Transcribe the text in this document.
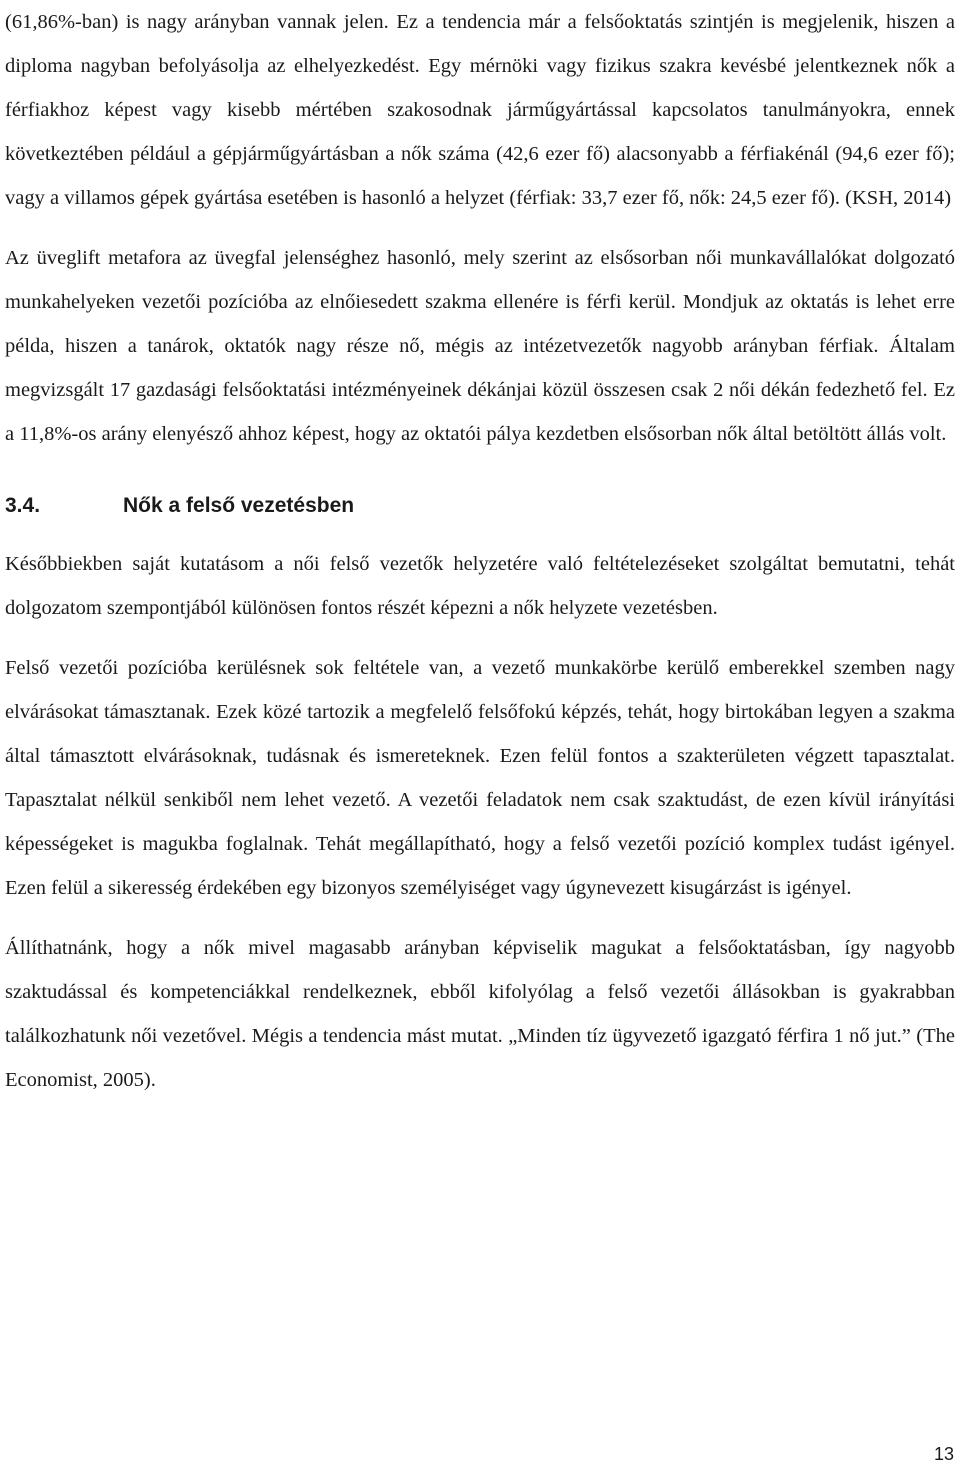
(61,86%-ban) is nagy arányban vannak jelen. Ez a tendencia már a felsőoktatás szintjén is megjelenik, hiszen a diploma nagyban befolyásolja az elhelyezkedést. Egy mérnöki vagy fizikus szakra kevésbé jelentkeznek nők a férfiakhoz képest vagy kisebb mértében szakosodnak járműgyártással kapcsolatos tanulmányokra, ennek következtében például a gépjárműgyártásban a nők száma (42,6 ezer fő) alacsonyabb a férfiakénál (94,6 ezer fő); vagy a villamos gépek gyártása esetében is hasonló a helyzet (férfiak: 33,7 ezer fő, nők: 24,5 ezer fő). (KSH, 2014)

Az üveglift metafora az üvegfal jelenséghez hasonló, mely szerint az elsősorban női munkavállalókat dolgozató munkahelyeken vezetői pozícióba az elnőiesedett szakma ellenére is férfi kerül. Mondjuk az oktatás is lehet erre példa, hiszen a tanárok, oktatók nagy része nő, mégis az intézetvezetők nagyobb arányban férfiak. Általam megvizsgált 17 gazdasági felsőoktatási intézményeinek dékánjai közül összesen csak 2 női dékán fedezhető fel. Ez a 11,8%-os arány elenyésző ahhoz képest, hogy az oktatói pálya kezdetben elsősorban nők által betöltött állás volt.

3.4.	Nők a felső vezetésben

Későbbiekben saját kutatásom a női felső vezetők helyzetére való feltételezéseket szolgáltat bemutatni, tehát dolgozatom szempontjából különösen fontos részét képezni a nők helyzete vezetésben.

Felső vezetői pozícióba kerülésnek sok feltétele van, a vezető munkakörbe kerülő emberekkel szemben nagy elvárásokat támasztanak. Ezek közé tartozik a megfelelő felsőfokú képzés, tehát, hogy birtokában legyen a szakma által támasztott elvárásoknak, tudásnak és ismereteknek. Ezen felül fontos a szakterületen végzett tapasztalat. Tapasztalat nélkül senkiből nem lehet vezető. A vezetői feladatok nem csak szaktudást, de ezen kívül irányítási képességeket is magukba foglalnak. Tehát megállapítható, hogy a felső vezetői pozíció komplex tudást igényel. Ezen felül a sikeresség érdekében egy bizonyos személyiséget vagy úgynevezett kisugárzást is igényel.

Állíthatnánk, hogy a nők mivel magasabb arányban képviselik magukat a felsőoktatásban, így nagyobb szaktudással és kompetenciákkal rendelkeznek, ebből kifolyólag a felső vezetői állásokban is gyakrabban találkozhatunk női vezetővel. Mégis a tendencia mást mutat. „Minden tíz ügyvezető igazgató férfira 1 nő jut.” (The Economist, 2005).

13
